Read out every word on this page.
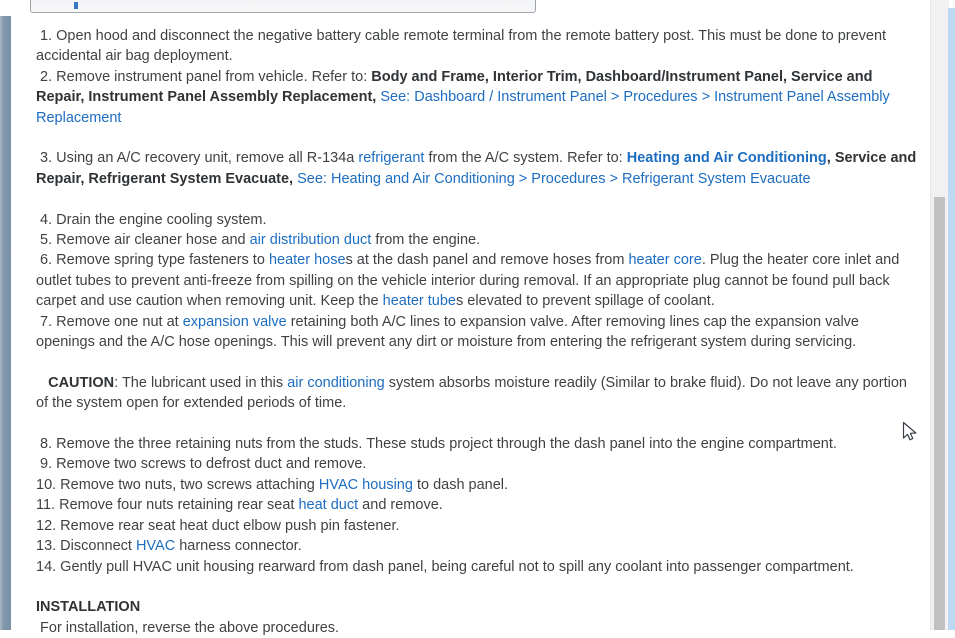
1. Open hood and disconnect the negative battery cable remote terminal from the remote battery post. This must be done to prevent accidental air bag deployment.
2. Remove instrument panel from vehicle. Refer to: Body and Frame, Interior Trim, Dashboard/Instrument Panel, Service and Repair, Instrument Panel Assembly Replacement, See: Dashboard / Instrument Panel > Procedures > Instrument Panel Assembly Replacement
3. Using an A/C recovery unit, remove all R-134a refrigerant from the A/C system. Refer to: Heating and Air Conditioning, Service and Repair, Refrigerant System Evacuate, See: Heating and Air Conditioning > Procedures > Refrigerant System Evacuate
4. Drain the engine cooling system.
5. Remove air cleaner hose and air distribution duct from the engine.
6. Remove spring type fasteners to heater hoses at the dash panel and remove hoses from heater core. Plug the heater core inlet and outlet tubes to prevent anti-freeze from spilling on the vehicle interior during removal. If an appropriate plug cannot be found pull back carpet and use caution when removing unit. Keep the heater tubes elevated to prevent spillage of coolant.
7. Remove one nut at expansion valve retaining both A/C lines to expansion valve. After removing lines cap the expansion valve openings and the A/C hose openings. This will prevent any dirt or moisture from entering the refrigerant system during servicing.
CAUTION: The lubricant used in this air conditioning system absorbs moisture readily (Similar to brake fluid). Do not leave any portion of the system open for extended periods of time.
8. Remove the three retaining nuts from the studs. These studs project through the dash panel into the engine compartment.
9. Remove two screws to defrost duct and remove.
10. Remove two nuts, two screws attaching HVAC housing to dash panel.
11. Remove four nuts retaining rear seat heat duct and remove.
12. Remove rear seat heat duct elbow push pin fastener.
13. Disconnect HVAC harness connector.
14. Gently pull HVAC unit housing rearward from dash panel, being careful not to spill any coolant into passenger compartment.
INSTALLATION
For installation, reverse the above procedures.
